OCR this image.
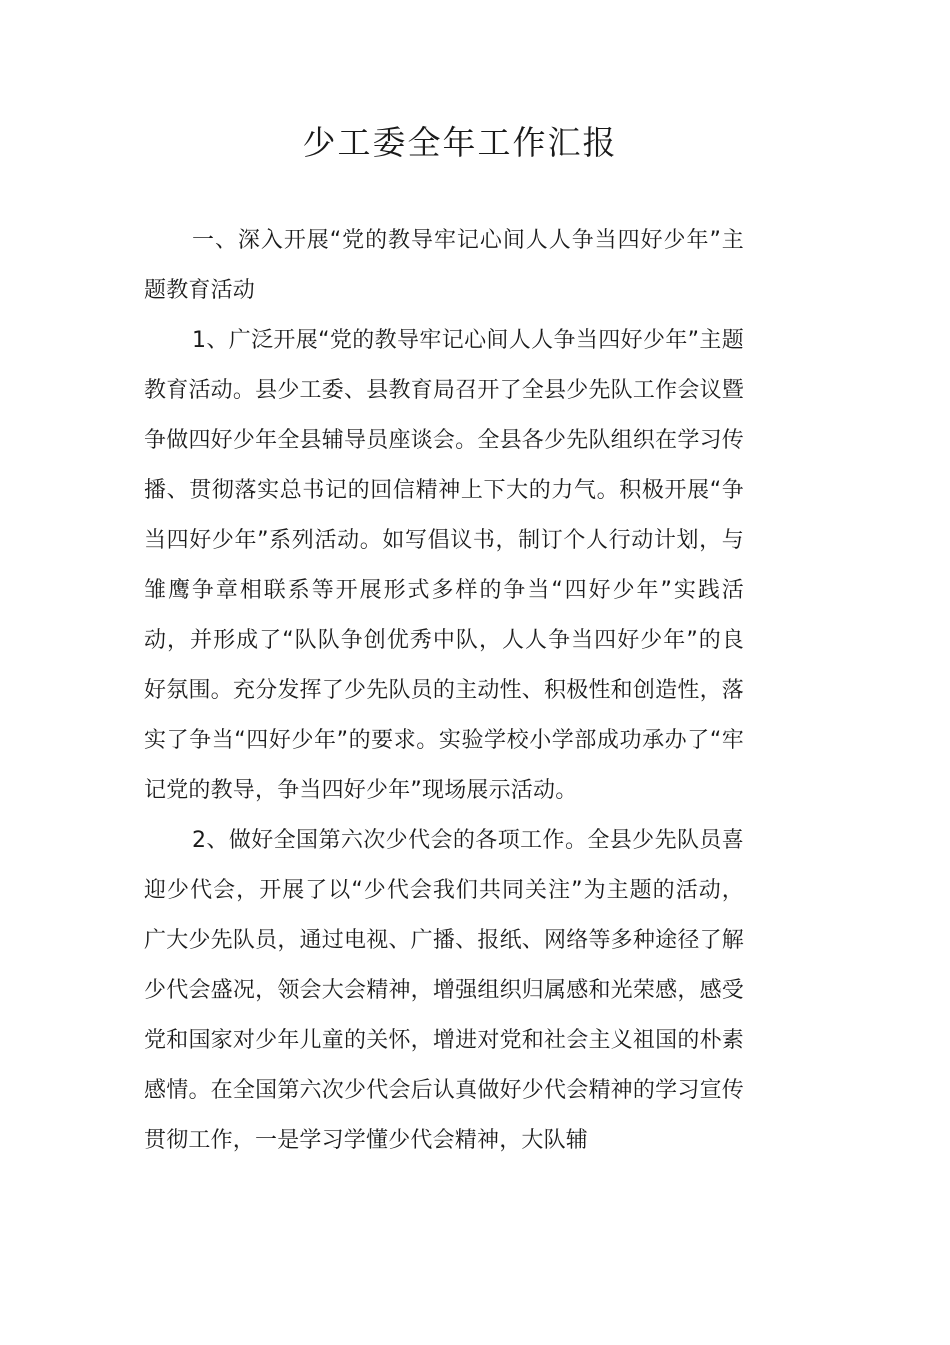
少工委全年工作汇报

一、深入开展“党的教导牢记心间人人争当四好少年”主题教育活动

1、广泛开展“党的教导牢记心间人人争当四好少年”主题教育活动。县少工委、县教育局召开了全县少先队工作会议暨争做四好少年全县辅导员座谈会。全县各少先队组织在学习传播、贯彻落实总书记的回信精神上下大的力气。积极开展“争当四好少年”系列活动。如写倡议书，制订个人行动计划，与雏鹰争章相联系等开展形式多样的争当“四好少年”实践活动，并形成了“队队争创优秀中队，人人争当四好少年”的良好氛围。充分发挥了少先队员的主动性、积极性和创造性，落实了争当“四好少年”的要求。实验学校小学部成功承办了“牢记党的教导，争当四好少年”现场展示活动。

2、做好全国第六次少代会的各项工作。全县少先队员喜迎少代会，开展了以“少代会我们共同关注”为主题的活动，广大少先队员，通过电视、广播、报纸、网络等多种途径了解少代会盛况，领会大会精神，增强组织归属感和光荣感，感受党和国家对少年儿童的关怀，增进对党和社会主义祖国的朴素感情。在全国第六次少代会后认真做好少代会精神的学习宣传贯彻工作，一是学习学懂少代会精神，大队辅
